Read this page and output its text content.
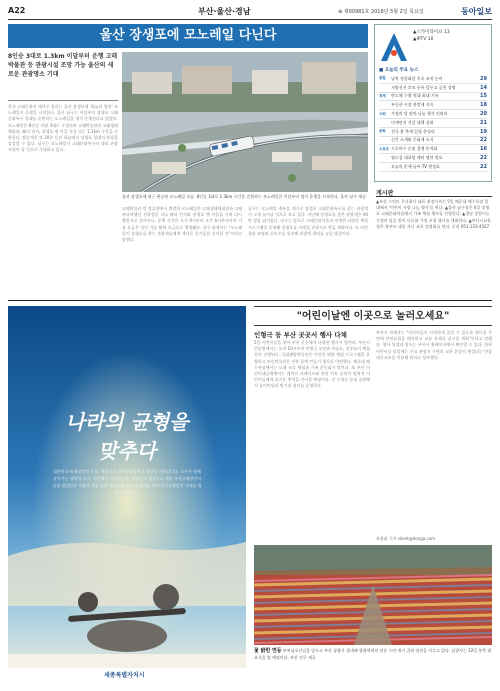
A22	부산·울산·경남	⊕ 제00981호 2018년 5월 2일 목요일	동아일보
울산 장생포에 모노레일 다닌다
8인승 3대로 1.3km 이달부터 운행 고래박물관 등 관광시설 조망 가능 울산의 새로운 관광명소 기대
한국 고래문화의 메카로 불리는 울산 장생포에 '하늘의 열차' 모노레일이 운행을 시작한다. 울산 남구는 이달부터 장생포 고래문화특구 일대를 순환하는 모노레일을 정식 운행한다고 밝혔다. 모노레일은 8인승 차량 3대로 구성되며 고래박물관과 고래생태체험관, 웰리 단지, 장생포 옛 마을 등을 잇는 1.3km 구간을 순환한다. 탑승객은 약 20분 동안 하늘에서 장생포 일대의 풍광을 감상할 수 있다. 남구는 모노레일이 고래문화특구의 대표 관광자원이 될 것으로 기대하고 있다.
고래박물관 앞 정류장에서 출발한 모노레일은 고래생태체험관과 고래바다여행선 선착장을 지나 웰리 단지와 장생포 옛 마을을 거쳐 다시 출발지로 돌아온다. 운행 시간은 오전 9시부터 오후 6시까지이며 이용 요금은 성인 기준 왕복 요금으로 책정됐다. 남구 관계자는 "모노레일이 장생포를 찾는 관광객들에게 색다른 즐거움을 선사할 것"이라고 말했다.
남구는 모노레일 개통을 계기로 장생포 고래문화특구를 찾는 관광객이 크게 늘어날 것으로 보고 있다. 지난해 장생포를 찾은 관광객은 90만 명을 넘어섰다. 남구는 앞으로 고래문화마을과 연계한 다양한 체험 프로그램을 운영해 장생포를 사계절 관광지로 만들 계획이다. 또 야간 경관 조명과 포토존을 설치해 관광객 편의를 높일 방침이다.
울산 장생포에 최근 완공된 모노레일 모습. 8인승 3대로 1.3km 구간을 순환하는 모노레일은 이달부터 정식 운행을 시작한다. 울산 남구 제공
▲스카이라이프 13
▲IPTV 10
■ 오늘의 주요 뉴스
종합	남북 정상회담 후속 조치 논의	29
지방선거 후보 등록 앞두고 공천 경쟁	14
경제	반도체 수출 역대 최대 기록	15
부동산 시장 관망세 지속	18
사회	가정의 달 맞아 나눔 행사 잇따라	20
미세먼지 저감 대책 강화	21
문화	전국 봄 축제 일정 총정리	19
신간 소개와 문화계 소식	22
스포츠 프로야구 순위 경쟁 본격화	16
월드컵 대표팀 예비 명단 발표	22
오늘의 운세·날씨·TV 편성표	22
게시판
▲부산 그린트 주식회사 대표 최정이씨는 5일 해운대 해수욕장 일대에서 '어린이 사랑 나눔 행사'를 연다. ▲울산 남구청은 6일 장생포 고래문화마을에서 가족 체험 행사를 진행한다. ▲경남 창원시는 가정의 달을 맞아 다문화 가정 초청 행사를 개최한다. ▲부산시교육청은 학부모 대상 자녀 교육 설명회를 연다. 문의 051-123-4567
나라의 균형을
맞추다
대한민국 미래성장의 중심, 세종시가 국가균형발전의 희망을 키워갑니다. 모두가 함께 살아가는 행복한 도시, 세종에서 시작합니다. 대한민국 행정수도 세종 국가균형발전의 상징 대한민국 서울과 세종 등등 세종시민 모두의 염원을 모아 국가균형발전 시대를 열어가겠습니다.
세종특별자치시
"어린이날엔 이곳으로 놀러오세요"
인형극 등 부산 곳곳서 행사 다채
5일 어린이날을 맞아 부산 곳곳에서 다양한 행사가 열린다. 부산시민공원에서는 오전 10시부터 인형극 공연과 마술쇼, 전통놀이 체험 등이 진행된다. 국립해양박물관은 어린이 해양 체험 프로그램을 운영하고 부산박물관은 전통 공예 만들기 행사를 마련했다. 해운대 해수욕장에서는 모래 조각 체험과 가족 운동회가 열린다. 또 부산 어린이대공원에서는 캐릭터 퍼레이드와 풍선 아트 공연이 펼쳐져 어린이들에게 즐거운 추억을 선사할 예정이다. 각 구청도 동네 공원에서 놀이마당과 먹거리 장터를 운영한다.
부산시 관계자는 "어린이들이 안전하게 즐길 수 있도록 행사장 주변에 안전요원을 배치하고 교통 통제를 실시할 계획"이라고 말했다. 행사 일정과 장소는 부산시 홈페이지에서 확인할 수 있다. 한편 어린이날 당일에는 주요 관광지 주변의 교통 혼잡이 예상되는 만큼 대중교통을 이용해 달라고 당부했다.
조용휘 기자 silent@donga.com
꽃 밝힌 연등 부처님오신날을 앞두고 부산 삼광사 경내에 형형색색의 연등 수만 개가 걸려 장관을 이루고 있다. 삼광사는 22일 봉축 법요식을 열 예정이다. 부산 진구 제공
